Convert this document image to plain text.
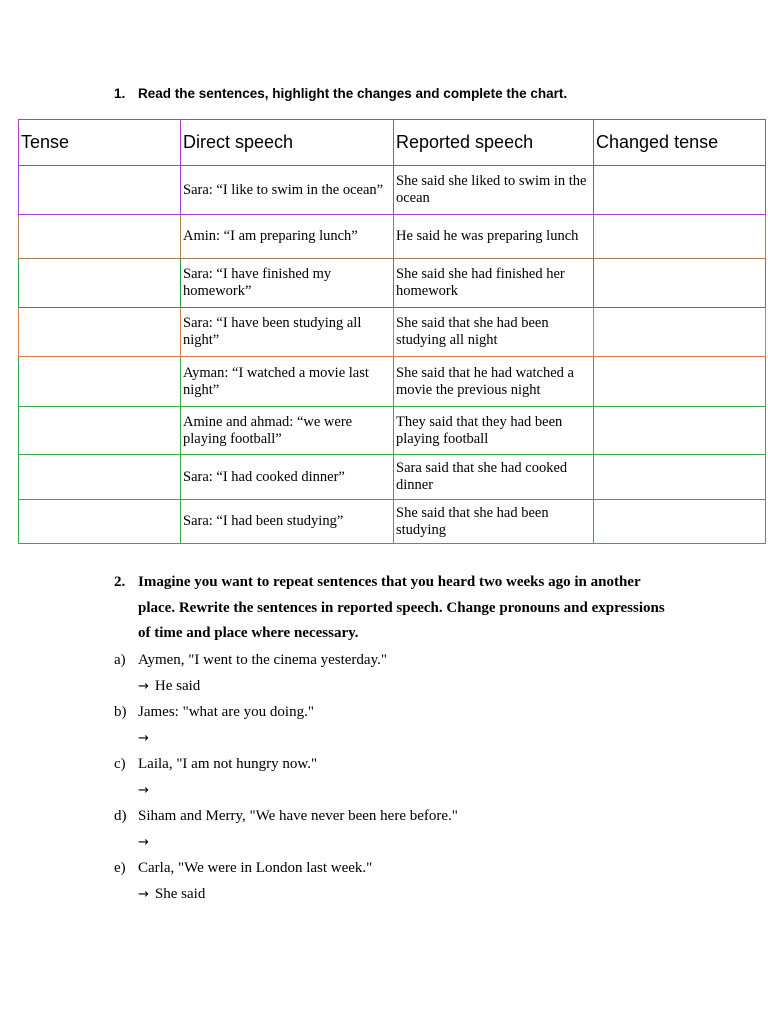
1. Read the sentences, highlight the changes and complete the chart.
Tense	Direct speech	Reported speech	Changed tense
	Sara: “I like to swim in the ocean”	She said she liked to swim in the ocean	
	Amin: “I am preparing lunch”	He said he was preparing lunch	
	Sara: “I have finished my homework”	She said she had finished her homework	
	Sara: “I have been studying all night”	She said that she had been studying all night	
	Ayman: “I watched a movie last night”	She said that he had watched a movie the previous night	
	Amine and ahmad: “we were playing football”	They said that they had been playing football	
	Sara: “I had cooked dinner”	Sara said that she had cooked dinner	
	Sara: “I had been studying”	She said that she had been studying	
2. Imagine you want to repeat sentences that you heard two weeks ago in another place. Rewrite the sentences in reported speech. Change pronouns and expressions of time and place where necessary.
a) Aymen, "I went to the cinema yesterday."
→ He said
b) James: "what are you doing."
→
c) Laila, "I am not hungry now."
→
d) Siham and Merry, "We have never been here before."
→
e) Carla, "We were in London last week."
→ She said
